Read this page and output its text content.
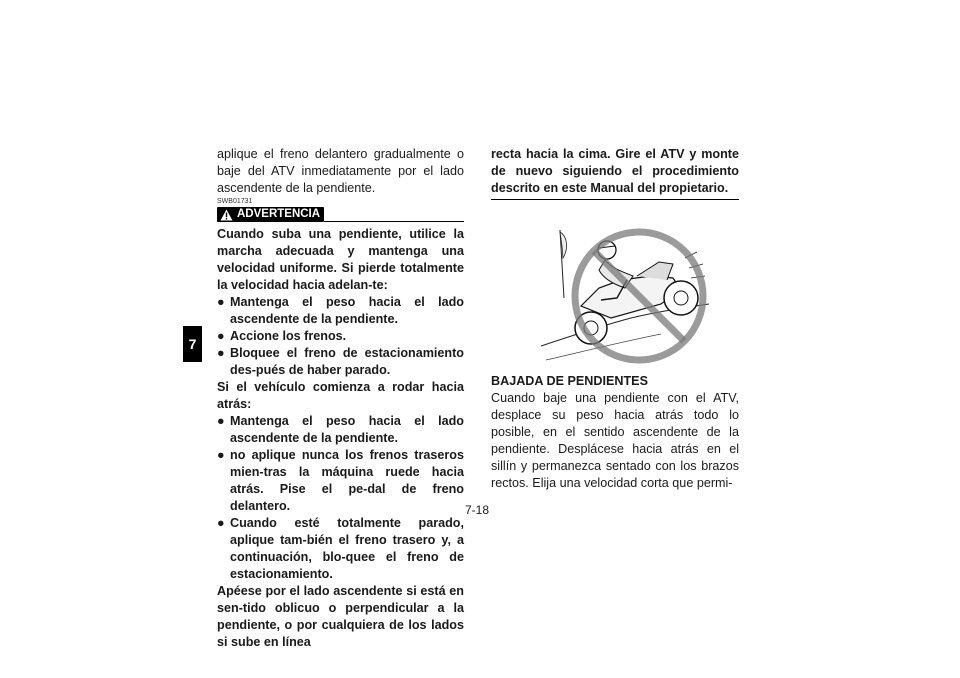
7

aplique el freno delantero gradualmente o baje del ATV inmediatamente por el lado ascendente de la pendiente.

SWB01731
ADVERTENCIA

Cuando suba una pendiente, utilice la marcha adecuada y mantenga una velocidad uniforme. Si pierde totalmente la velocidad hacia adelan-te:

● Mantenga el peso hacia el lado ascendente de la pendiente.
● Accione los frenos.
● Bloquee el freno de estacionamiento des-pués de haber parado.

Si el vehículo comienza a rodar hacia atrás:

● Mantenga el peso hacia el lado ascendente de la pendiente.
● no aplique nunca los frenos traseros mien-tras la máquina ruede hacia atrás. Pise el pe-dal de freno delantero.
● Cuando esté totalmente parado, aplique tam-bién el freno trasero y, a continuación, blo-quee el freno de estacionamiento.

Apéese por el lado ascendente si está en sen-tido oblicuo o perpendicular a la pendiente, o por cualquiera de los lados si sube en línea

recta hacia la cima. Gire el ATV y monte de nuevo siguiendo el procedimiento descrito en este Manual del propietario.

BAJADA DE PENDIENTES

Cuando baje una pendiente con el ATV, desplace su peso hacia atrás todo lo posible, en el sentido ascendente de la pendiente. Desplácese hacia atrás en el sillín y permanezca sentado con los brazos rectos. Elija una velocidad corta que permi-

7-18
